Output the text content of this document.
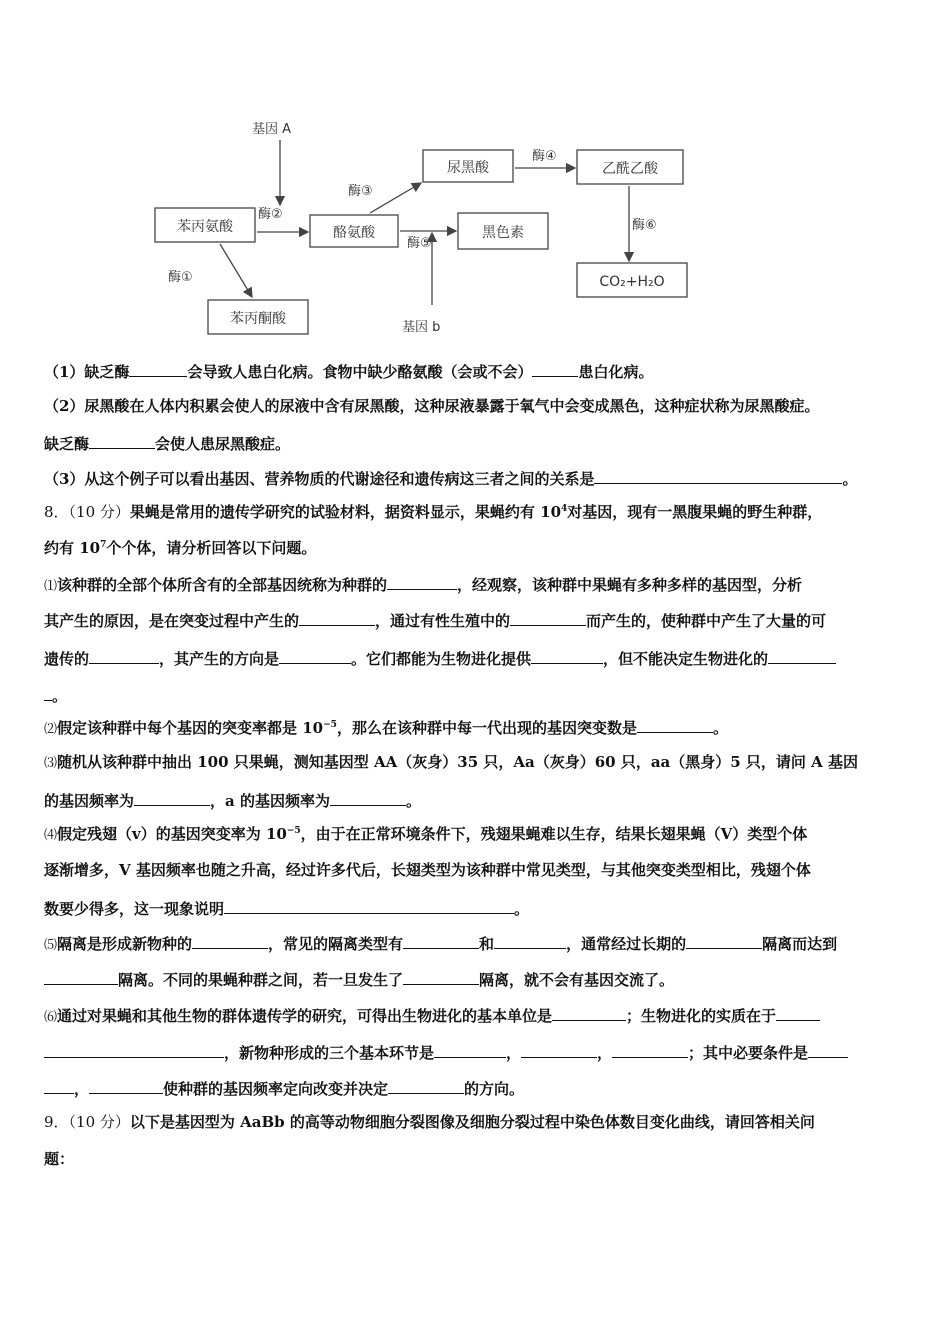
苯丙氨酸	酪氨酸
尿黑酸	乙酰乙酸
黑色素
CO₂+H₂O
苯丙酮酸
基因 A
基因 b
酶②
酶①
酶③
酶⑤
酶④
酶⑥
（1）缺乏酶	会导致人患白化病。食物中缺少酪氨酸（会或不会）	患白化病。
（2）尿黑酸在人体内积累会使人的尿液中含有尿黑酸，这种尿液暴露于氧气中会变成黑色，这种症状称为尿黑酸症。
缺乏酶	会使人患尿黑酸症。
（3）从这个例子可以看出基因、营养物质的代谢途径和遗传病这三者之间的关系是	。
8．（10 分）果蝇是常用的遗传学研究的试验材料，据资料显示，果蝇约有 $10^4$对基因，现有一黑腹果蝇的野生种群，
约有 $10^7$个个体，请分析回答以下问题。
⑴该种群的全部个体所含有的全部基因统称为种群的	，经观察，该种群中果蝇有多种多样的基因型，分析
其产生的原因，是在突变过程中产生的	，通过有性生殖中的	而产生的，使种群中产生了大量的可
遗传的	，其产生的方向是	。它们都能为生物进化提供	，但不能决定生物进化的
。
⑵假定该种群中每个基因的突变率都是 $10^{-5}$，那么在该种群中每一代出现的基因突变数是	。
⑶随机从该种群中抽出 100 只果蝇，测知基因型 AA（灰身）35 只，Aa（灰身）60 只，aa（黑身）5 只，请问 A 基因
的基因频率为	，a 的基因频率为	。
⑷假定残翅（v）的基因突变率为 $10^{-5}$，由于在正常环境条件下，残翅果蝇难以生存，结果长翅果蝇（V）类型个体
逐渐增多，V 基因频率也随之升高，经过许多代后，长翅类型为该种群中常见类型，与其他突变类型相比，残翅个体
数要少得多，这一现象说明	。
⑸隔离是形成新物种的	，常见的隔离类型有	和	，通常经过长期的	隔离而达到
隔离。不同的果蝇种群之间，若一旦发生了	隔离，就不会有基因交流了。
⑹通过对果蝇和其他生物的群体遗传学的研究，可得出生物进化的基本单位是	；生物进化的实质在于
，新物种形成的三个基本环节是	，	，	；其中必要条件是
，	使种群的基因频率定向改变并决定	的方向。
9．（10 分）以下是基因型为 AaBb 的高等动物细胞分裂图像及细胞分裂过程中染色体数目变化曲线，请回答相关问
题：
